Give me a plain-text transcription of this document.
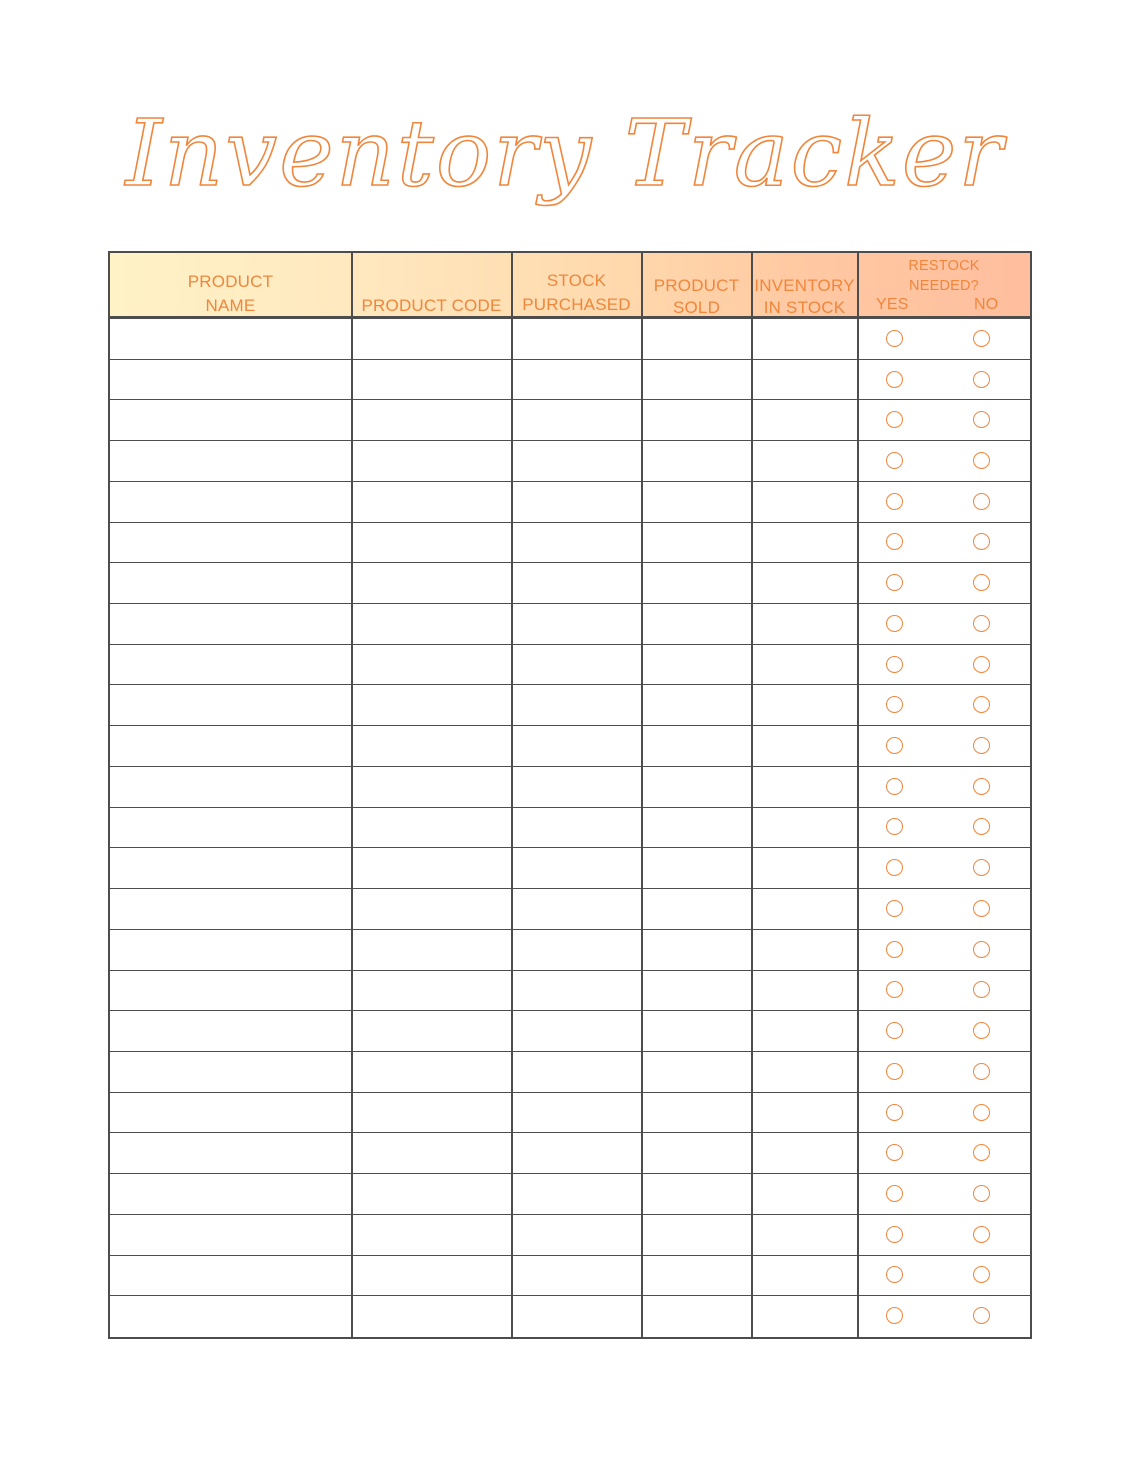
Inventory Tracker
PRODUCT
NAME	PRODUCT CODE
STOCK
PURCHASED
PRODUCT
SOLD
INVENTORY
IN STOCK
RESTOCK
NEEDED?
YES	NO
